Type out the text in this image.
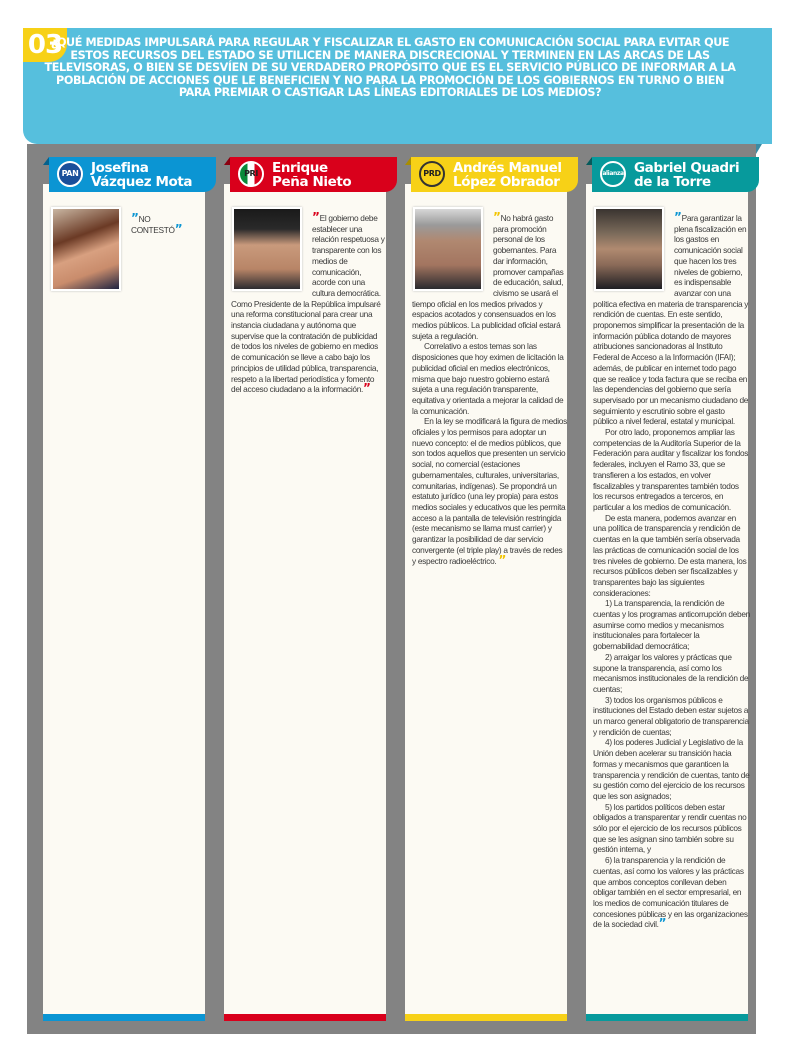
03
¿QUÉ MEDIDAS IMPULSARÁ PARA REGULAR Y FISCALIZAR EL GASTO EN COMUNICACIÓN SOCIAL PARA EVITAR QUE ESTOS RECURSOS DEL ESTADO SE UTILICEN DE MANERA DISCRECIONAL Y TERMINEN EN LAS ARCAS DE LAS TELEVISORAS, O BIEN SE DESVÍEN DE SU VERDADERO PROPÓSITO QUE ES EL SERVICIO PÚBLICO DE INFORMAR A LA POBLACIÓN DE ACCIONES QUE LE BENEFICIEN Y NO PARA LA PROMOCIÓN DE LOS GOBIERNOS EN TURNO O BIEN PARA PREMIAR O CASTIGAR LAS LÍNEAS EDITORIALES DE LOS MEDIOS?
PAN Josefina
Vázquez Mota

”NO CONTESTÓ”

PRI Enrique
Peña Nieto

”El gobierno debe establecer una relación respetuosa y transparente con los medios de comunicación, acorde con una cultura democrática.

Como Presidente de la República impulsaré una reforma constitucional para crear una instancia ciudadana y autónoma que supervise que la contratación de publicidad de todos los niveles de gobierno en medios de comunicación se lleve a cabo bajo los principios de utilidad pública, transparencia, respeto a la libertad periodística y fomento del acceso ciudadano a la información.”

PRD Andrés Manuel
López Obrador

”No habrá gasto para promoción personal de los gobernantes. Para dar información, promover campañas de educación, salud, civismo se usará el tiempo oficial en los medios privados y espacios acotados y consensuados en los medios públicos. La publicidad oficial estará sujeta a regulación.

Correlativo a estos temas son las disposiciones que hoy eximen de licitación la publicidad oficial en medios electrónicos, misma que bajo nuestro gobierno estará sujeta a una regulación transparente, equitativa y orientada a mejorar la calidad de la comunicación.

En la ley se modificará la figura de medios oficiales y los permisos para adoptar un nuevo concepto: el de medios públicos, que son todos aquellos que presenten un servicio social, no comercial (estaciones gubernamentales, culturales, universitarias, comunitarias, indígenas). Se propondrá un estatuto jurídico (una ley propia) para estos medios sociales y educativos que les permita acceso a la pantalla de televisión restringida (este mecanismo se llama must carrier) y garantizar la posibilidad de dar servicio convergente (el triple play) a través de redes y espectro radioeléctrico. ”

alianza Gabriel Quadri
de la Torre

”Para garantizar la plena fiscalización en los gastos en comunicación social que hacen los tres niveles de gobierno, es indispensable avanzar con una política efectiva en materia de transparencia y rendición de cuentas. En este sentido, proponemos simplificar la presentación de la información pública dotando de mayores atribuciones sancionadoras al Instituto Federal de Acceso a la Información (IFAI); además, de publicar en internet todo pago que se realice y toda factura que se reciba en las dependencias del gobierno que sería supervisado por un mecanismo ciudadano de seguimiento y escrutinio sobre el gasto público a nivel federal, estatal y municipal.

Por otro lado, proponemos ampliar las competencias de la Auditoría Superior de la Federación para auditar y fiscalizar los fondos federales, incluyen el Ramo 33, que se transfieren a los estados, en volver fiscalizables y transparentes también todos los recursos entregados a terceros, en particular a los medios de comunicación.

De esta manera, podemos avanzar en una política de transparencia y rendición de cuentas en la que también sería observada las prácticas de comunicación social de los tres niveles de gobierno. De esta manera, los recursos públicos deben ser fiscalizables y transparentes bajo las siguientes consideraciones:

1) La transparencia, la rendición de cuentas y los programas anticorrupción deben asumirse como medios y mecanismos institucionales para fortalecer la gobernabilidad democrática;

2) arraigar los valores y prácticas que supone la transparencia, así como los mecanismos institucionales de la rendición de cuentas;

3) todos los organismos públicos e instituciones del Estado deben estar sujetos a un marco general obligatorio de transparencia y rendición de cuentas;

4) los poderes Judicial y Legislativo de la Unión deben acelerar su transición hacia formas y mecanismos que garanticen la transparencia y rendición de cuentas, tanto de su gestión como del ejercicio de los recursos que les son asignados;

5) los partidos políticos deben estar obligados a transparentar y rendir cuentas no sólo por el ejercicio de los recursos públicos que se les asignan sino también sobre su gestión interna, y

6) la transparencia y la rendición de cuentas, así como los valores y las prácticas que ambos conceptos conllevan deben obligar también en el sector empresarial, en los medios de comunicación titulares de concesiones públicas y en las organizaciones de la sociedad civil.”
